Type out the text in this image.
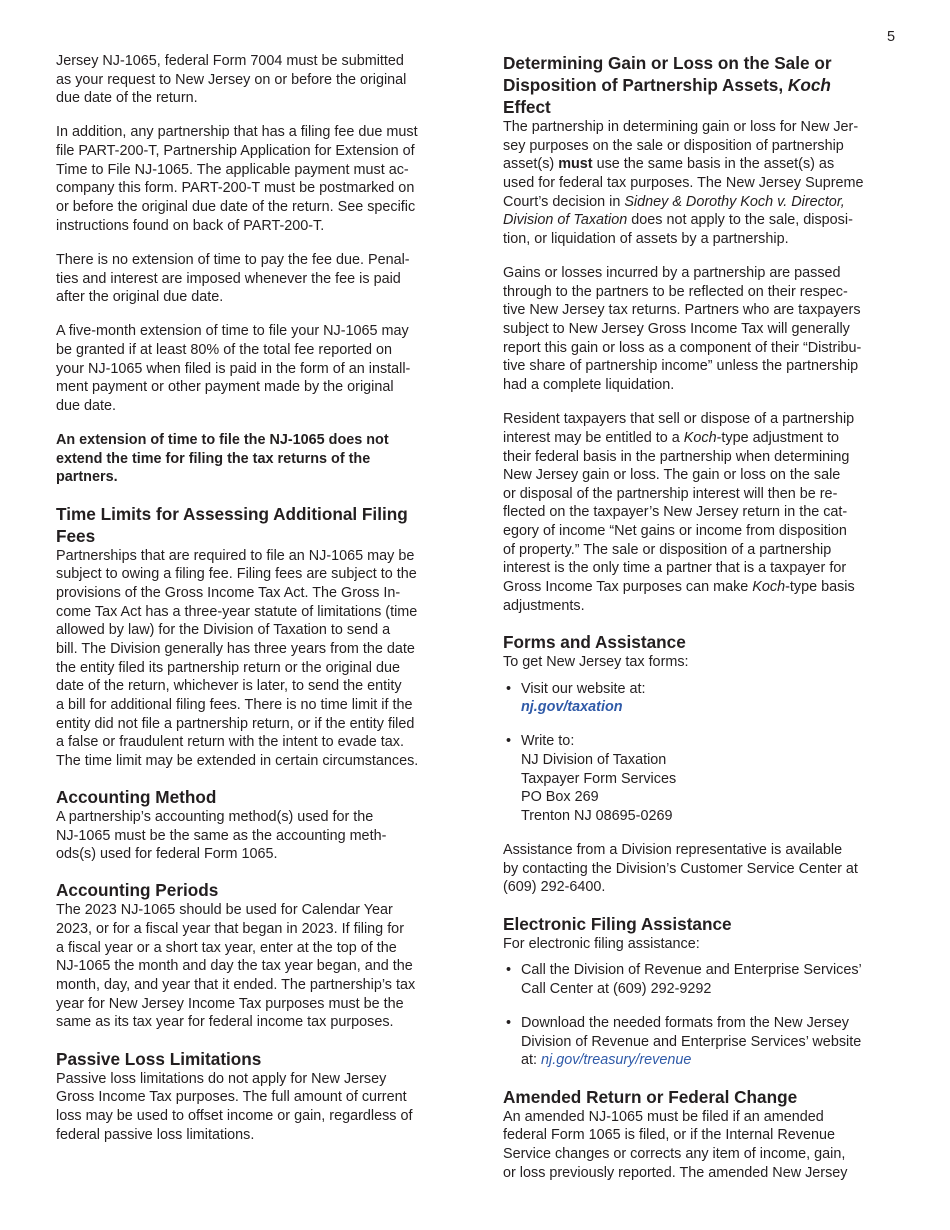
5
Jersey NJ-1065, federal Form 7004 must be submitted
as your request to New Jersey on or before the original
due date of the return.
In addition, any partnership that has a filing fee due must
file PART-200-T, Partnership Application for Extension of
Time to File NJ-1065. The applicable payment must ac-
company this form. PART-200-T must be postmarked on
or before the original due date of the return. See specific
instructions found on back of PART-200-T.
There is no extension of time to pay the fee due. Penal-
ties and interest are imposed whenever the fee is paid
after the original due date.
A five-month extension of time to file your NJ-1065 may
be granted if at least 80% of the total fee reported on
your NJ-1065 when filed is paid in the form of an install-
ment payment or other payment made by the original
due date.
An extension of time to file the NJ-1065 does not
extend the time for filing the tax returns of the
partners.
Time Limits for Assessing Additional Filing
Fees
Partnerships that are required to file an NJ-1065 may be
subject to owing a filing fee. Filing fees are subject to the
provisions of the Gross Income Tax Act. The Gross In-
come Tax Act has a three-year statute of limitations (time
allowed by law) for the Division of Taxation to send a
bill. The Division generally has three years from the date
the entity filed its partnership return or the original due
date of the return, whichever is later, to send the entity
a bill for additional filing fees. There is no time limit if the
entity did not file a partnership return, or if the entity filed
a false or fraudulent return with the intent to evade tax.
The time limit may be extended in certain circumstances.
Accounting Method
A partnership’s accounting method(s) used for the
NJ-1065 must be the same as the accounting meth-
ods(s) used for federal Form 1065.
Accounting Periods
The 2023 NJ-1065 should be used for Calendar Year
2023, or for a fiscal year that began in 2023. If filing for
a fiscal year or a short tax year, enter at the top of the
NJ-1065 the month and day the tax year began, and the
month, day, and year that it ended. The partnership’s tax
year for New Jersey Income Tax purposes must be the
same as its tax year for federal income tax purposes.
Passive Loss Limitations
Passive loss limitations do not apply for New Jersey
Gross Income Tax purposes. The full amount of current
loss may be used to offset income or gain, regardless of
federal passive loss limitations.
Determining Gain or Loss on the Sale or
Disposition of Partnership Assets, Koch
Effect
The partnership in determining gain or loss for New Jer-
sey purposes on the sale or disposition of partnership
asset(s) must use the same basis in the asset(s) as
used for federal tax purposes. The New Jersey Supreme
Court’s decision in Sidney & Dorothy Koch v. Director,
Division of Taxation does not apply to the sale, disposi-
tion, or liquidation of assets by a partnership.
Gains or losses incurred by a partnership are passed
through to the partners to be reflected on their respec-
tive New Jersey tax returns. Partners who are taxpayers
subject to New Jersey Gross Income Tax will generally
report this gain or loss as a component of their “Distribu-
tive share of partnership income” unless the partnership
had a complete liquidation.
Resident taxpayers that sell or dispose of a partnership
interest may be entitled to a Koch-type adjustment to
their federal basis in the partnership when determining
New Jersey gain or loss. The gain or loss on the sale
or disposal of the partnership interest will then be re-
flected on the taxpayer’s New Jersey return in the cat-
egory of income “Net gains or income from disposition
of property.” The sale or disposition of a partnership
interest is the only time a partner that is a taxpayer for
Gross Income Tax purposes can make Koch-type basis
adjustments.
Forms and Assistance
To get New Jersey tax forms:
• Visit our website at:
nj.gov/taxation
• Write to:
NJ Division of Taxation
Taxpayer Form Services
PO Box 269
Trenton NJ 08695-0269
Assistance from a Division representative is available
by contacting the Division’s Customer Service Center at
(609) 292-6400.
Electronic Filing Assistance
For electronic filing assistance:
• Call the Division of Revenue and Enterprise Services’
Call Center at (609) 292-9292
• Download the needed formats from the New Jersey
Division of Revenue and Enterprise Services’ website
at: nj.gov/treasury/revenue
Amended Return or Federal Change
An amended NJ-1065 must be filed if an amended
federal Form 1065 is filed, or if the Internal Revenue
Service changes or corrects any item of income, gain,
or loss previously reported. The amended New Jersey
